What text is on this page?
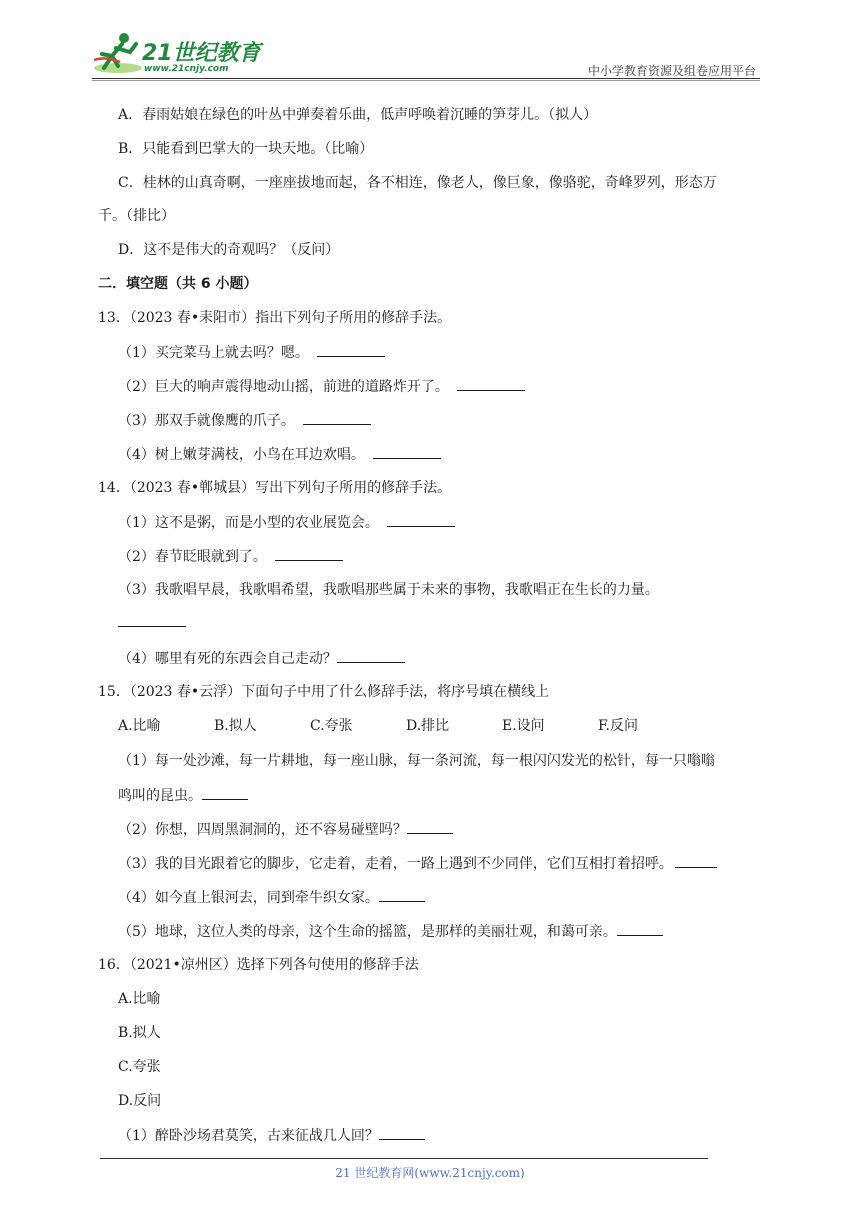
21世纪教育
www.21cnjy.com	中小学教育资源及组卷应用平台
A．春雨姑娘在绿色的叶丛中弹奏着乐曲，低声呼唤着沉睡的笋芽儿。（拟人）
B．只能看到巴掌大的一块天地。（比喻）
C．桂林的山真奇啊，一座座拔地而起，各不相连，像老人，像巨象，像骆驼，奇峰罗列，形态万
千。（排比）
D．这不是伟大的奇观吗？（反问）
二．填空题（共 6 小题）
13．（2023 春•耒阳市）指出下列句子所用的修辞手法。
（1）买完菜马上就去吗？嗯。
（2）巨大的响声震得地动山摇，前进的道路炸开了。
（3）那双手就像鹰的爪子。
（4）树上嫩芽满枝，小鸟在耳边欢唱。
14．（2023 春•郸城县）写出下列句子所用的修辞手法。
（1）这不是粥，而是小型的农业展览会。
（2）春节眨眼就到了。
（3）我歌唱早晨，我歌唱希望，我歌唱那些属于未来的事物，我歌唱正在生长的力量。
（4）哪里有死的东西会自己走动？
15．（2023 春•云浮）下面句子中用了什么修辞手法，将序号填在横线上
A.比喻	B.拟人	C.夸张	D.排比	E.设问	F.反问
（1）每一处沙滩，每一片耕地，每一座山脉，每一条河流，每一根闪闪发光的松针，每一只嗡嗡
鸣叫的昆虫。
（2）你想，四周黑洞洞的，还不容易碰壁吗？
（3）我的目光跟着它的脚步，它走着，走着，一路上遇到不少同伴，它们互相打着招呼。
（4）如今直上银河去，同到牵牛织女家。
（5）地球，这位人类的母亲，这个生命的摇篮，是那样的美丽壮观，和蔼可亲。
16．（2021•凉州区）选择下列各句使用的修辞手法
A.比喻
B.拟人
C.夸张
D.反问
（1）醉卧沙场君莫笑，古来征战几人回？
21 世纪教育网(www.21cnjy.com)
